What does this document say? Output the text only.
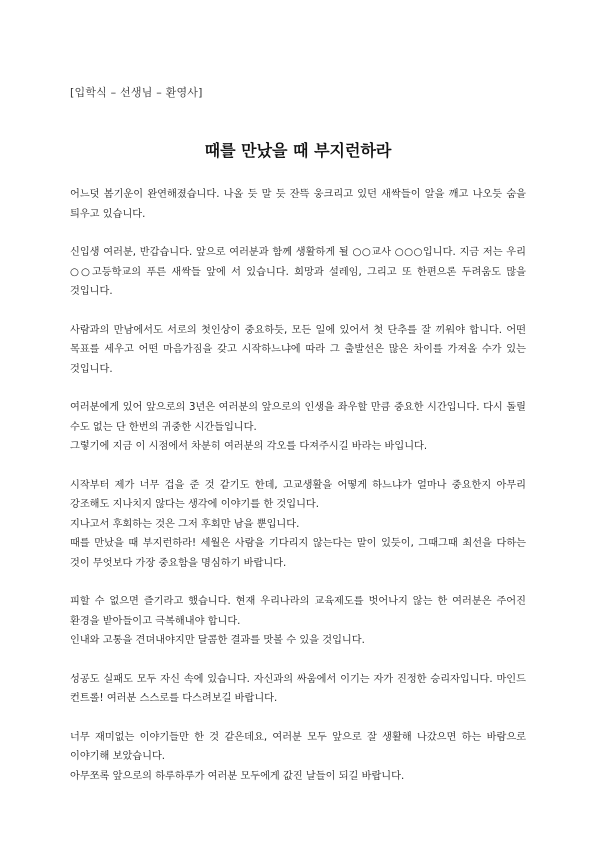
[입학식 – 선생님 – 환영사]

때를 만났을 때 부지런하라

어느덧 봄기운이 완연해졌습니다. 나올 듯 말 듯 잔뜩 웅크리고 있던 새싹들이 알을 깨고 나오듯 숨을 틔우고 있습니다.

신입생 여러분, 반갑습니다. 앞으로 여러분과 함께 생활하게 될 ○○교사 ○○○입니다. 지금 저는 우리 ○○고등학교의 푸른 새싹들 앞에 서 있습니다. 희망과 설레임, 그리고 또 한편으론 두려움도 많을 것입니다.

사람과의 만남에서도 서로의 첫인상이 중요하듯, 모든 일에 있어서 첫 단추를 잘 끼워야 합니다. 어떤 목표를 세우고 어떤 마음가짐을 갖고 시작하느냐에 따라 그 출발선은 많은 차이를 가져올 수가 있는 것입니다.

여러분에게 있어 앞으로의 3년은 여러분의 앞으로의 인생을 좌우할 만큼 중요한 시간입니다. 다시 돌릴 수도 없는 단 한번의 귀중한 시간들입니다.
그렇기에 지금 이 시점에서 차분히 여러분의 각오를 다져주시길 바라는 바입니다.

시작부터 제가 너무 겁을 준 것 같기도 한데, 고교생활을 어떻게 하느냐가 얼마나 중요한지 아무리 강조해도 지나치지 않다는 생각에 이야기를 한 것입니다.
지나고서 후회하는 것은 그저 후회만 남을 뿐입니다.
때를 만났을 때 부지런하라! 세월은 사람을 기다리지 않는다는 말이 있듯이, 그때그때 최선을 다하는 것이 무엇보다 가장 중요함을 명심하기 바랍니다.

피할 수 없으면 즐기라고 했습니다. 현재 우리나라의 교육제도를 벗어나지 않는 한 여러분은 주어진 환경을 받아들이고 극복해내야 합니다.
인내와 고통을 견뎌내야지만 달콤한 결과를 맛볼 수 있을 것입니다.

성공도 실패도 모두 자신 속에 있습니다. 자신과의 싸움에서 이기는 자가 진정한 승리자입니다. 마인드 컨트롤! 여러분 스스로를 다스려보길 바랍니다.

너무 재미없는 이야기들만 한 것 같은데요, 여러분 모두 앞으로 잘 생활해 나갔으면 하는 바람으로 이야기해 보았습니다.
아무쪼록 앞으로의 하루하루가 여러분 모두에게 값진 날들이 되길 바랍니다.
